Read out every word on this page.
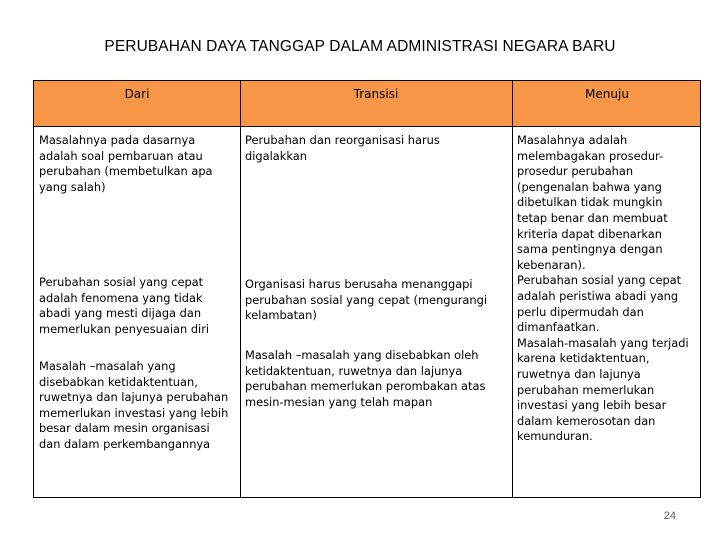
PERUBAHAN DAYA TANGGAP DALAM ADMINISTRASI NEGARA BARU
Dari	Transisi	Menuju
Masalahnya pada dasarnya
adalah soal pembaruan atau
perubahan (membetulkan apa
yang salah)
Perubahan sosial yang cepat
adalah fenomena yang tidak
abadi yang mesti dijaga dan
memerlukan penyesuaian diri
Masalah –masalah yang
disebabkan ketidaktentuan,
ruwetnya dan lajunya perubahan
memerlukan investasi yang lebih
besar dalam mesin organisasi
dan dalam perkembangannya
Perubahan dan reorganisasi harus
digalakkan
Organisasi harus berusaha menanggapi
perubahan sosial yang cepat (mengurangi
kelambatan)
Masalah –masalah yang disebabkan oleh
ketidaktentuan, ruwetnya dan lajunya
perubahan memerlukan perombakan atas
mesin-mesian yang telah mapan
Masalahnya adalah
melembagakan prosedur-
prosedur perubahan
(pengenalan bahwa yang
dibetulkan tidak mungkin
tetap benar dan membuat
kriteria dapat dibenarkan
sama pentingnya dengan
kebenaran).
Perubahan sosial yang cepat
adalah peristiwa abadi yang
perlu dipermudah dan
dimanfaatkan.
Masalah-masalah yang terjadi
karena ketidaktentuan,
ruwetnya dan lajunya
perubahan memerlukan
investasi yang lebih besar
dalam kemerosotan dan
kemunduran.
24
